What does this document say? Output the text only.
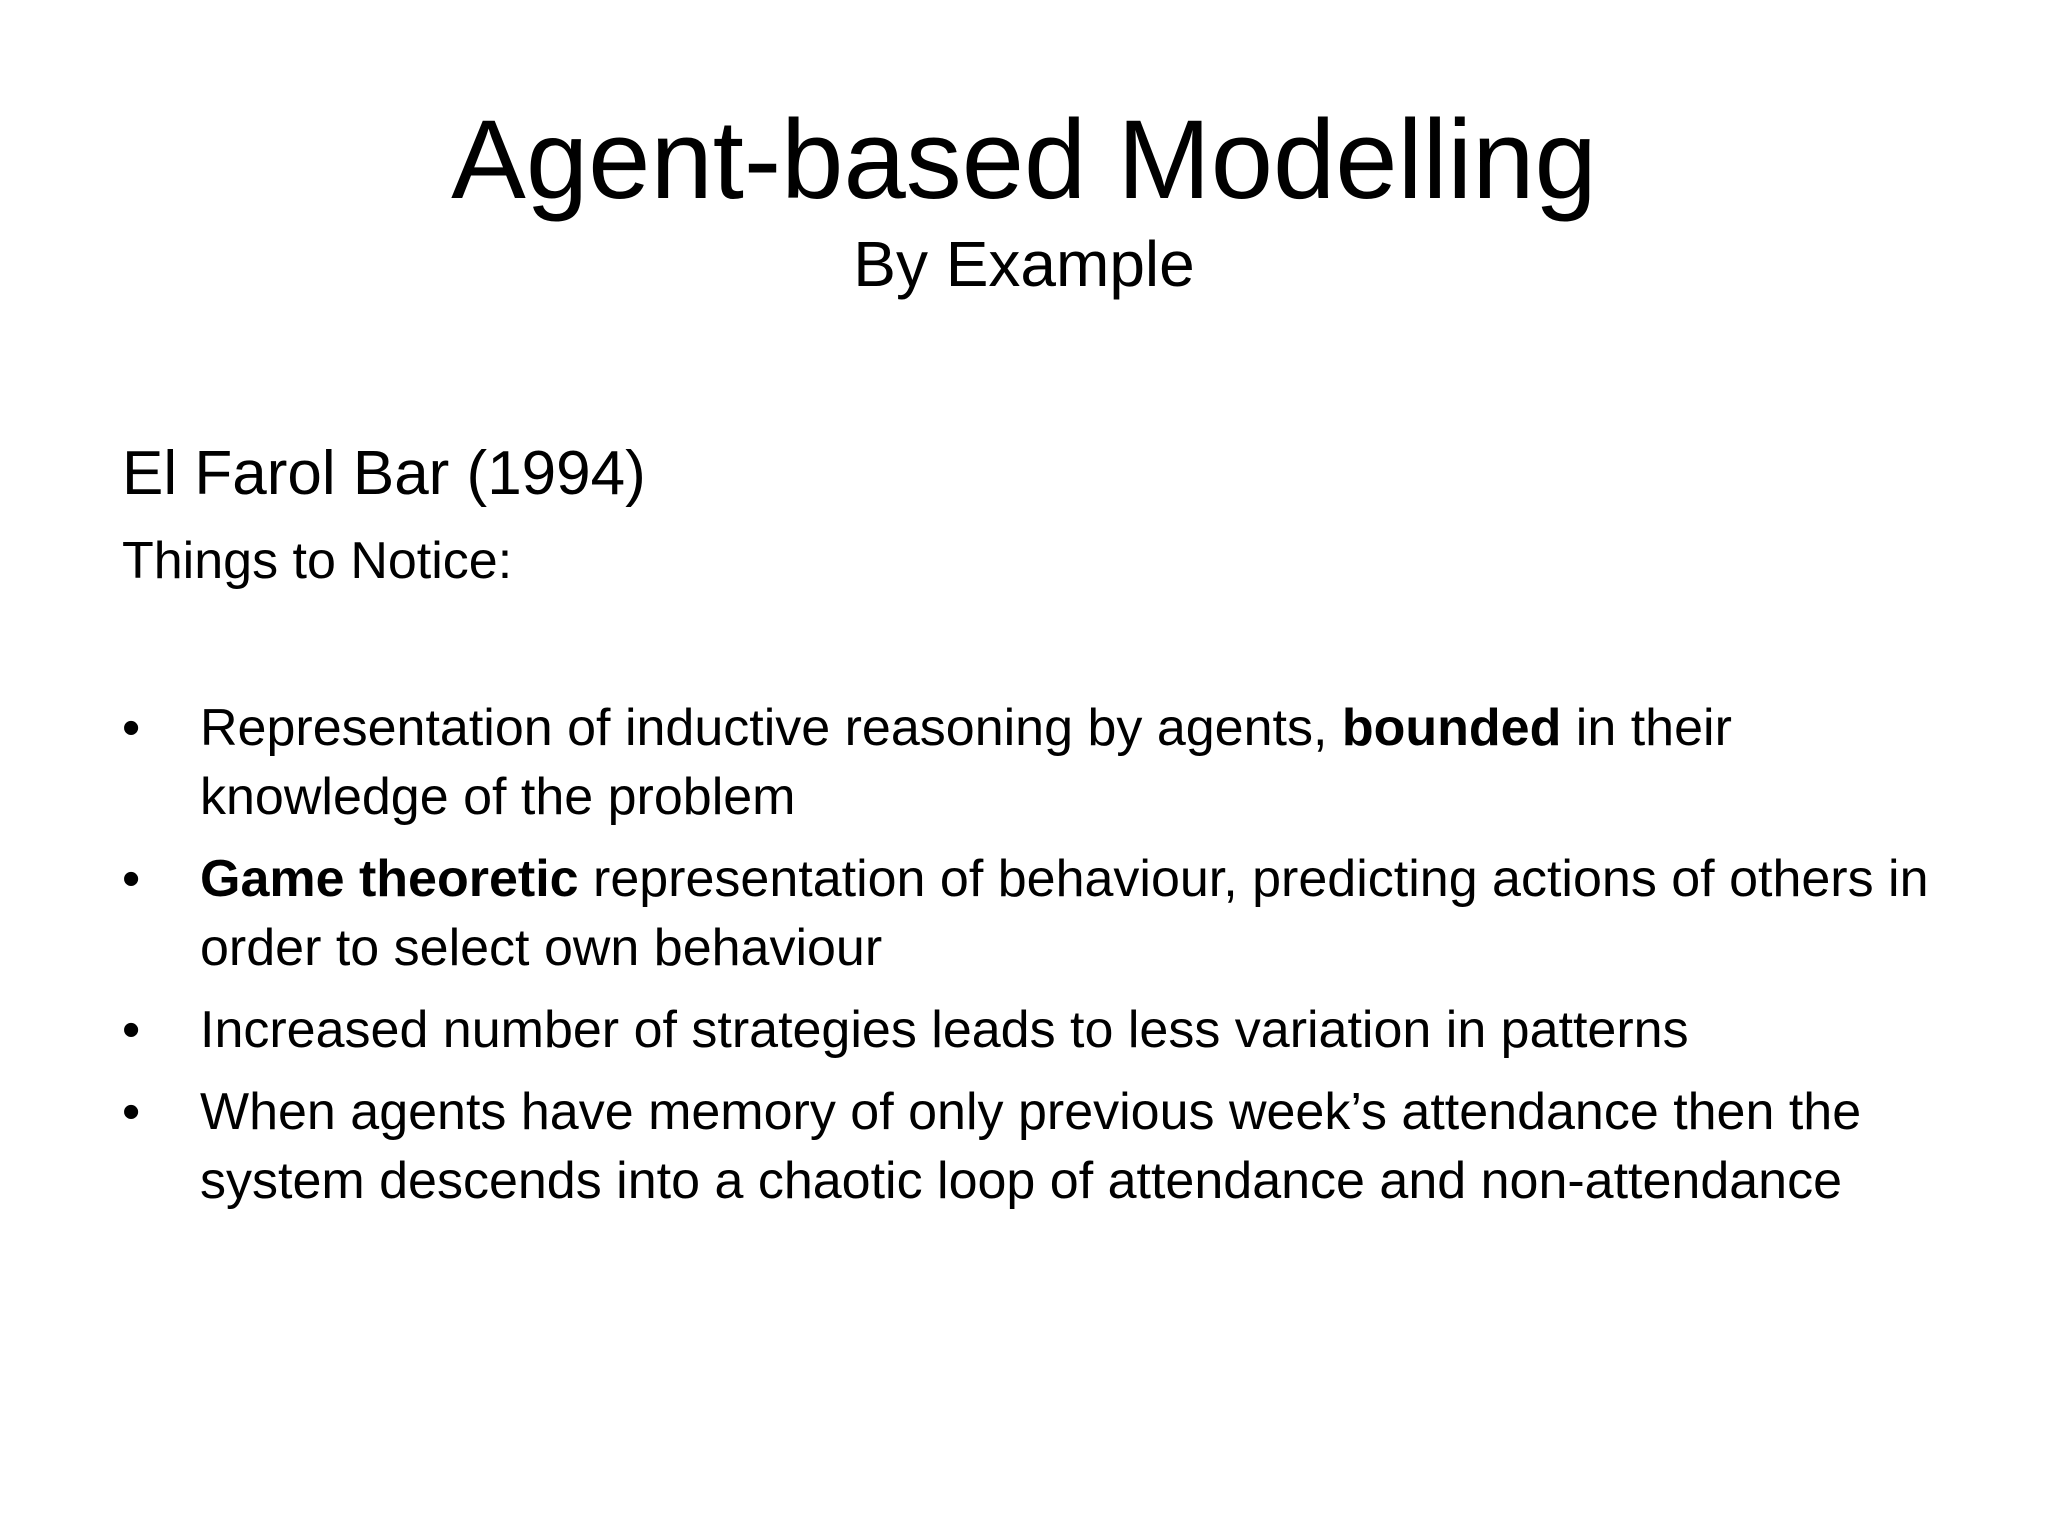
Agent-based Modelling
By Example
El Farol Bar (1994)
Things to Notice:
•	Representation of inductive reasoning by agents, bounded in their knowledge of the problem
•	Game theoretic representation of behaviour, predicting actions of others in order to select own behaviour
•	Increased number of strategies leads to less variation in patterns
•	When agents have memory of only previous week’s attendance then the system descends into a chaotic loop of attendance and non-attendance
